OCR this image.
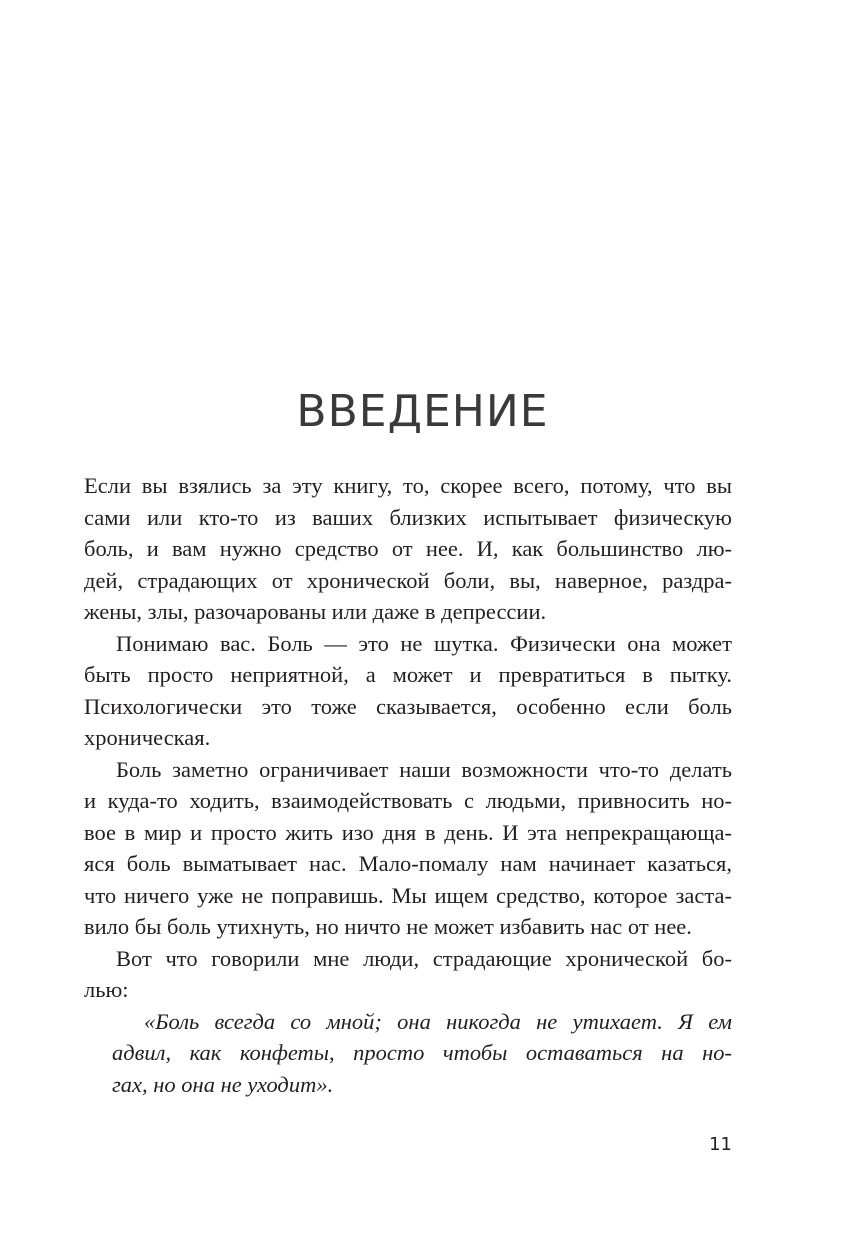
ВВЕДЕНИЕ

Если вы взялись за эту книгу, то, скорее всего, потому, что вы
сами или кто-то из ваших близких испытывает физическую
боль, и вам нужно средство от нее. И, как большинство лю-
дей, страдающих от хронической боли, вы, наверное, раздра-
жены, злы, разочарованы или даже в депрессии.

Понимаю вас. Боль — это не шутка. Физически она может
быть просто неприятной, а может и превратиться в пытку.
Психологически это тоже сказывается, особенно если боль
хроническая.

Боль заметно ограничивает наши возможности что-то делать
и куда-то ходить, взаимодействовать с людьми, привносить но-
вое в мир и просто жить изо дня в день. И эта непрекращающа-
яся боль выматывает нас. Мало-помалу нам начинает казаться,
что ничего уже не поправишь. Мы ищем средство, которое заста-
вило бы боль утихнуть, но ничто не может избавить нас от нее.

Вот что говорили мне люди, страдающие хронической бо-
лью:

«Боль всегда со мной; она никогда не утихает. Я ем
адвил, как конфеты, просто чтобы оставаться на но-
гах, но она не уходит».
11
